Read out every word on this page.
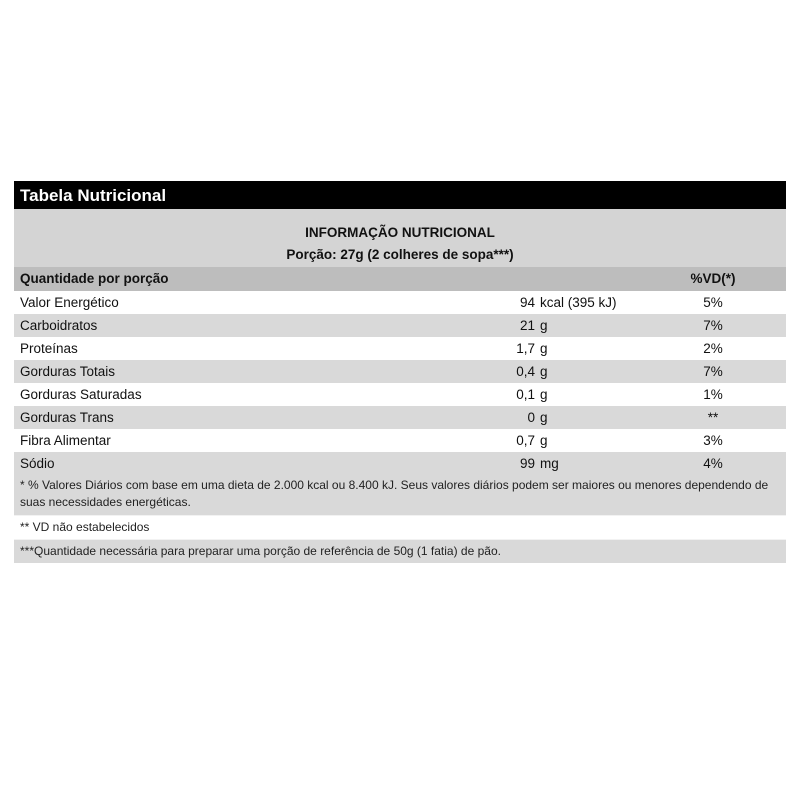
Tabela Nutricional
INFORMAÇÃO NUTRICIONAL
Porção: 27g (2 colheres de sopa***)
Quantidade por porção	%VD(*)
Valor Energético	94 kcal (395 kJ)	5%
Carboidratos	21 g	7%
Proteínas	1,7 g	2%
Gorduras Totais	0,4 g	7%
Gorduras Saturadas	0,1 g	1%
Gorduras Trans	0 g	**
Fibra Alimentar	0,7 g	3%
Sódio	99 mg	4%
* % Valores Diários com base em uma dieta de 2.000 kcal ou 8.400 kJ. Seus valores diários podem ser maiores ou menores dependendo de suas necessidades energéticas.
** VD não estabelecidos
***Quantidade necessária para preparar uma porção de referência de 50g (1 fatia) de pão.
